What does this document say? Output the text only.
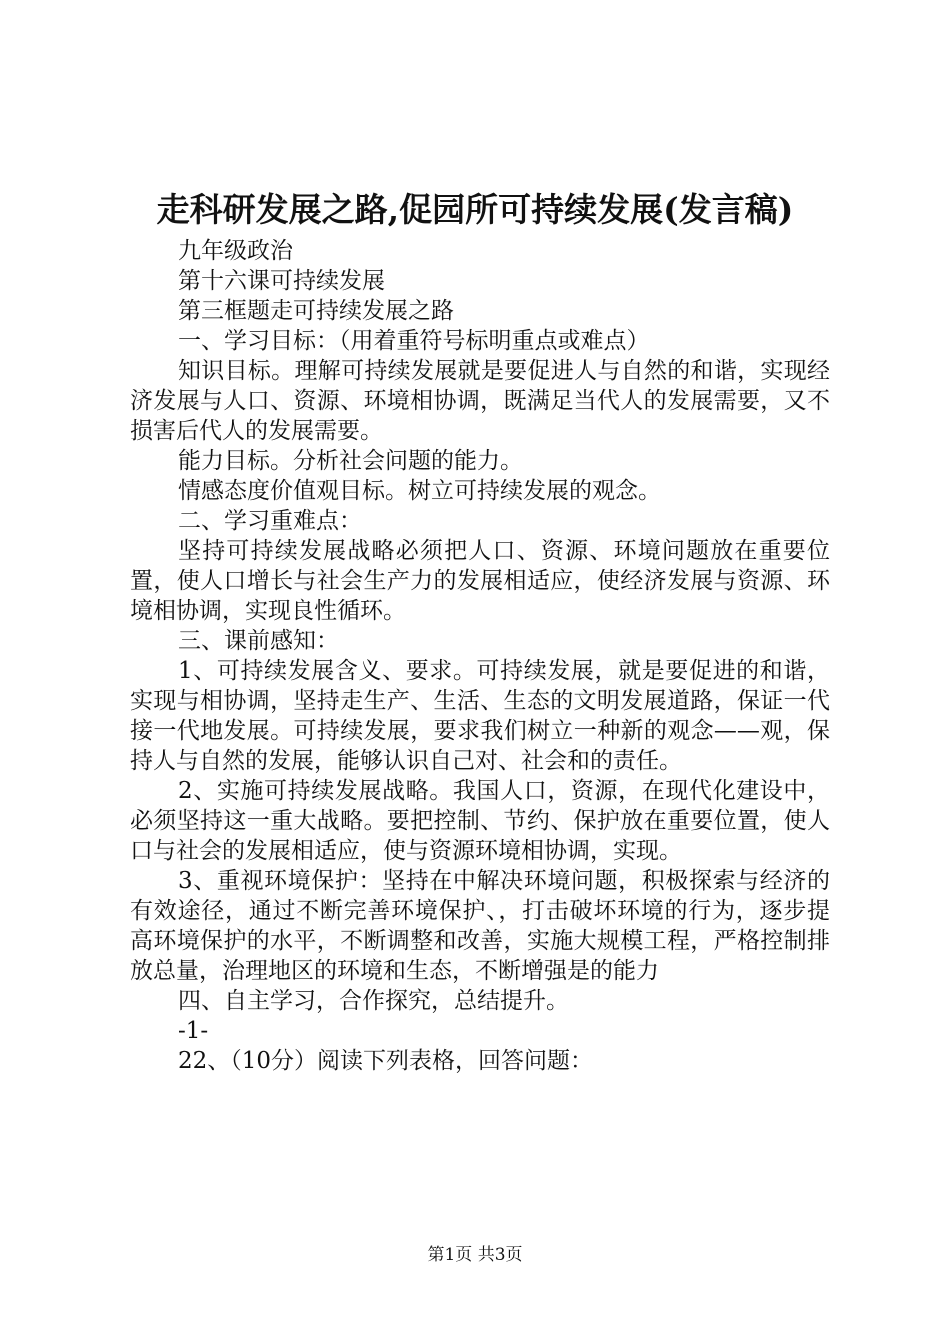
走科研发展之路,促园所可持续发展(发言稿)

九年级政治

第十六课可持续发展

第三框题走可持续发展之路

一、学习目标：（用着重符号标明重点或难点）

知识目标。理解可持续发展就是要促进人与自然的和谐，实现经济发展与人口、资源、环境相协调，既满足当代人的发展需要，又不损害后代人的发展需要。

能力目标。分析社会问题的能力。

情感态度价值观目标。树立可持续发展的观念。

二、学习重难点：

坚持可持续发展战略必须把人口、资源、环境问题放在重要位置，使人口增长与社会生产力的发展相适应，使经济发展与资源、环境相协调，实现良性循环。

三、课前感知：

1、可持续发展含义、要求。可持续发展，就是要促进的和谐，实现与相协调，坚持走生产、生活、生态的文明发展道路，保证一代接一代地发展。可持续发展，要求我们树立一种新的观念——观，保持人与自然的发展，能够认识自己对、社会和的责任。

2、实施可持续发展战略。我国人口，资源，在现代化建设中，必须坚持这一重大战略。要把控制、节约、保护放在重要位置，使人口与社会的发展相适应，使与资源环境相协调，实现。

3、重视环境保护：坚持在中解决环境问题，积极探索与经济的有效途径，通过不断完善环境保护、，打击破坏环境的行为，逐步提高环境保护的水平，不断调整和改善，实施大规模工程，严格控制排放总量，治理地区的环境和生态，不断增强是的能力

四、自主学习，合作探究，总结提升。

-1-

22、（10分）阅读下列表格，回答问题：

第1页 共3页
